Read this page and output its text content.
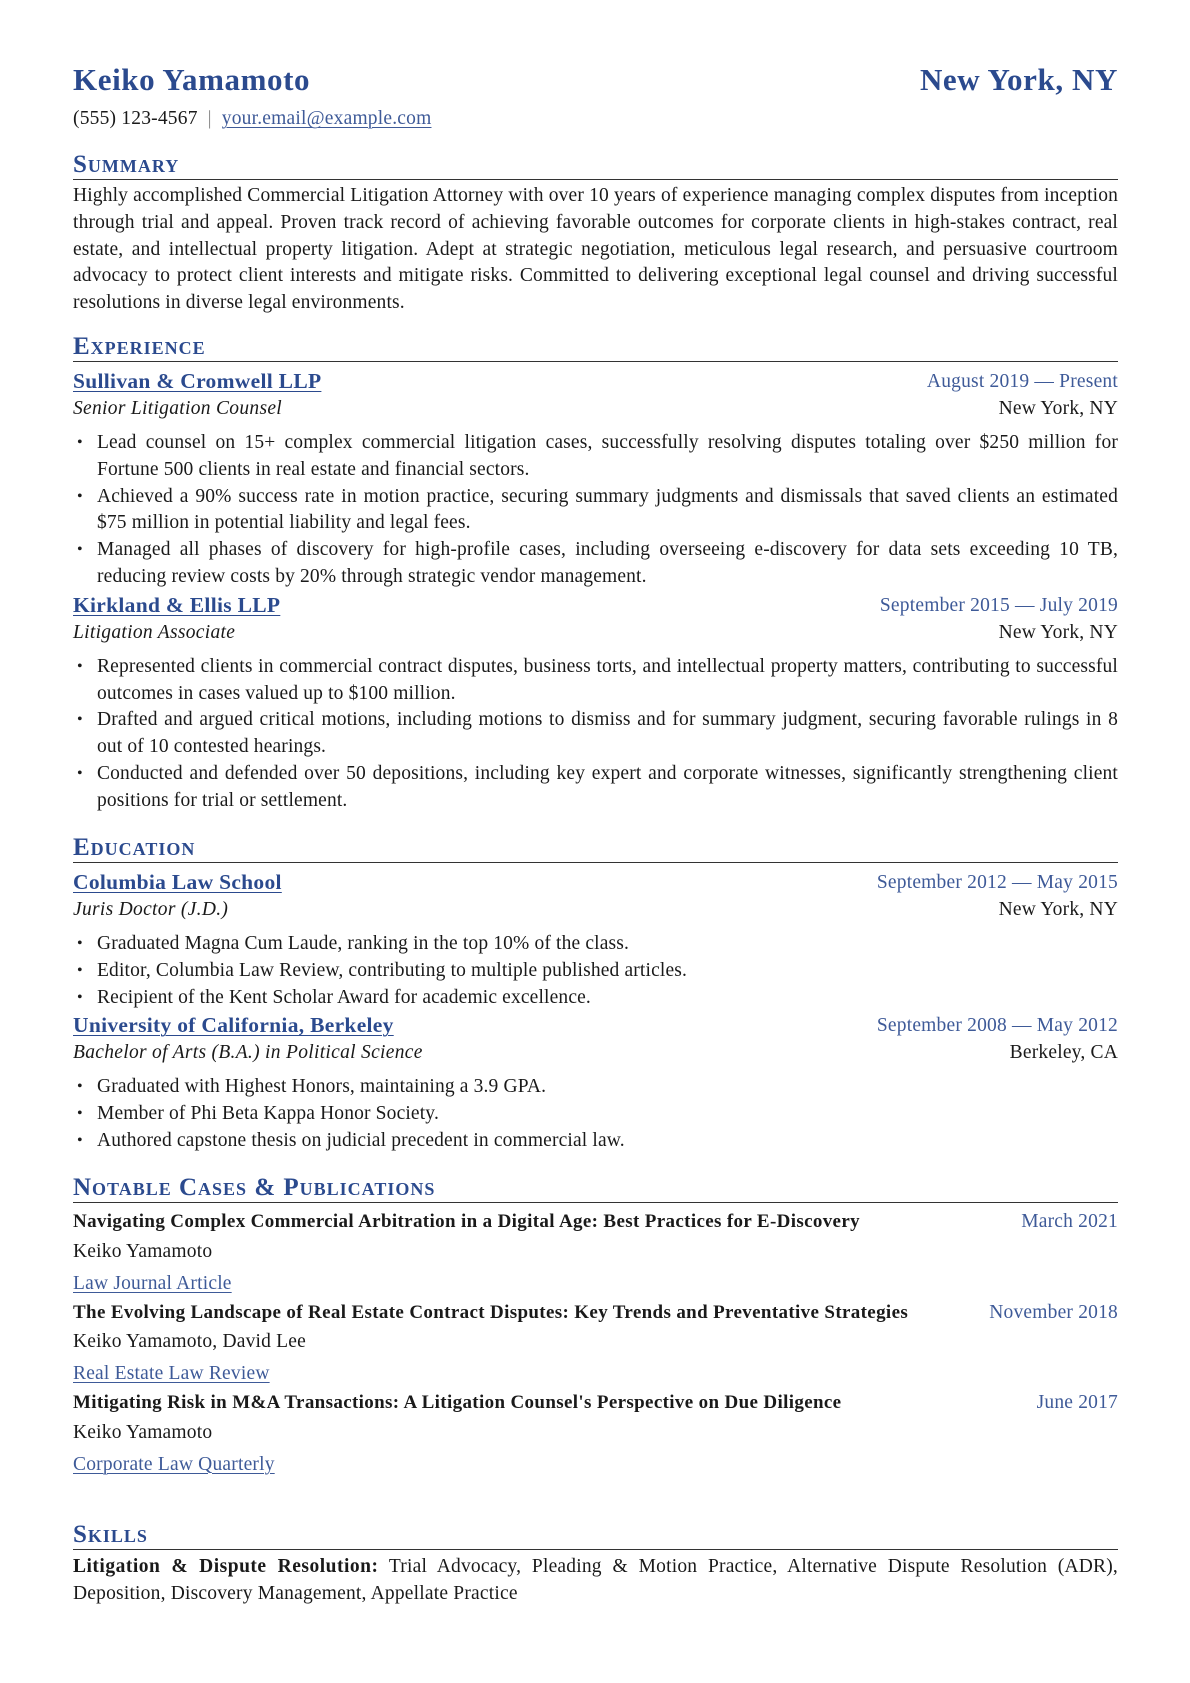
Keiko Yamamoto	New York, NY
(555) 123-4567 | your.email@example.com
Summary
Highly accomplished Commercial Litigation Attorney with over 10 years of experience managing complex disputes from inception through trial and appeal. Proven track record of achieving favorable outcomes for corporate clients in high-stakes contract, real estate, and intellectual property litigation. Adept at strategic negotiation, meticulous legal research, and persuasive courtroom advocacy to protect client interests and mitigate risks. Committed to delivering exceptional legal counsel and driving successful resolutions in diverse legal environments.
Experience
Sullivan & Cromwell LLP	August 2019 — Present
Senior Litigation Counsel	New York, NY
• Lead counsel on 15+ complex commercial litigation cases, successfully resolving disputes totaling over $250 million for Fortune 500 clients in real estate and financial sectors.
• Achieved a 90% success rate in motion practice, securing summary judgments and dismissals that saved clients an estimated $75 million in potential liability and legal fees.
• Managed all phases of discovery for high-profile cases, including overseeing e-discovery for data sets exceeding 10 TB, reducing review costs by 20% through strategic vendor management.
Kirkland & Ellis LLP	September 2015 — July 2019
Litigation Associate	New York, NY
• Represented clients in commercial contract disputes, business torts, and intellectual property matters, contributing to successful outcomes in cases valued up to $100 million.
• Drafted and argued critical motions, including motions to dismiss and for summary judgment, securing favorable rulings in 8 out of 10 contested hearings.
• Conducted and defended over 50 depositions, including key expert and corporate witnesses, significantly strengthening client positions for trial or settlement.
Education
Columbia Law School	September 2012 — May 2015
Juris Doctor (J.D.)	New York, NY
• Graduated Magna Cum Laude, ranking in the top 10% of the class.
• Editor, Columbia Law Review, contributing to multiple published articles.
• Recipient of the Kent Scholar Award for academic excellence.
University of California, Berkeley	September 2008 — May 2012
Bachelor of Arts (B.A.) in Political Science	Berkeley, CA
• Graduated with Highest Honors, maintaining a 3.9 GPA.
• Member of Phi Beta Kappa Honor Society.
• Authored capstone thesis on judicial precedent in commercial law.
Notable Cases & Publications
Navigating Complex Commercial Arbitration in a Digital Age: Best Practices for E-Discovery	March 2021
Keiko Yamamoto
Law Journal Article
The Evolving Landscape of Real Estate Contract Disputes: Key Trends and Preventative Strategies	November 2018
Keiko Yamamoto, David Lee
Real Estate Law Review
Mitigating Risk in M&A Transactions: A Litigation Counsel's Perspective on Due Diligence	June 2017
Keiko Yamamoto
Corporate Law Quarterly
Skills
Litigation & Dispute Resolution: Trial Advocacy, Pleading & Motion Practice, Alternative Dispute Resolution (ADR), Deposition, Discovery Management, Appellate Practice
